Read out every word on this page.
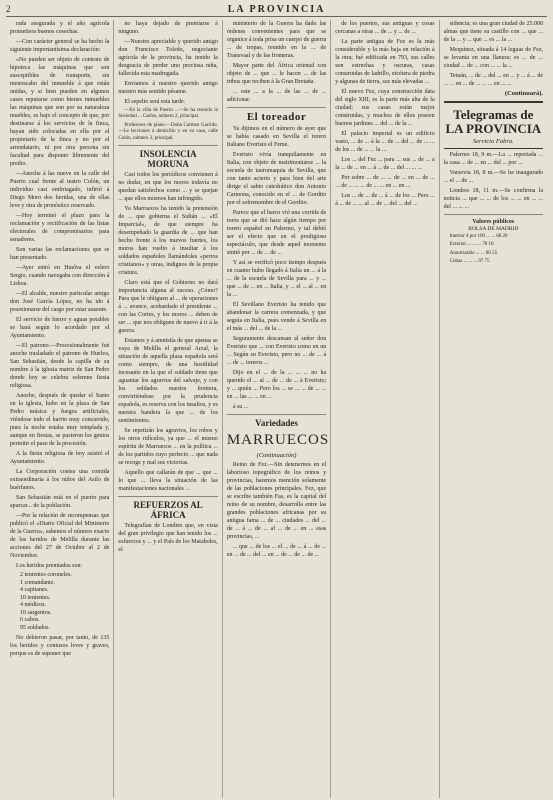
2	LA PROVINCIA

rada asegurada y el año agrícola prometiera buenos cosechas.

—Con carácter general se ha hecho la siguiente importantísima declaración:

«No pueden ser objeto de contrato de hipoteca las máquinas que son susceptibles de transporte, sin menoscabo del inmueble á que están unidas, y si bien pueden en algunos casos reputarse como bienes inmuebles las máquinas que son por su naturaleza muebles, es bajo el concepto de que, por destinarse á los servicios de la finca, hayan sido colocadas en ella por el propietario de la finca y no por el arrendatario, ni por otra persona sin facultad para disponer libremente del predio.

—Anoche á las nueve en la calle del Puerto cual frente al teatro Colón, un individuo casi embriagado, infirió á Diego Moro dos heridas, una de ellas leve y otra de pronóstico reservado.

—Hoy terminó el plazo para la reclamación y rectificación de las listas electorales de compromisarios para senadores.

Son varias las reclamaciones que se han presentado.

—Ayer entró en Huelva el velero Sergio, cuando navegaba con dirección á Lisboa.

—El alcalde, nuestro particular amigo don José García López, no ha ido á posesionarse del cargo por estar ausente.

El servicio de hierro y aguas potables se hará según lo acordado por el Ayuntamiento.

—El patrono.—Procesionalmente fué anoche trasladado el patrono de Huelva, San Sebastián, desde la capilla de su nombre á la iglesia matriz de San Pedro donde hoy se celebra solemne fiesta religiosa.

Anoche, después de quedar el Santo en la iglesia, hubo en la plaza de San Pedro música y fuegos artificiales, viéndose todo el barrio muy concurrido, pues la noche estaba muy templada y, aunque en fiestas, se pusieron los genios permitir el paso de la procesión.

A la fiesta religiosa de hoy asistió el Ayuntamiento.

La Corporación costea una comida extraordinaria á los niños del Asilo de huérfanos.

San Sebastián está en el puerto para aparcar... de la población.

—Por la relación de recompensas que publicó el «Diario Oficial del Ministerio de la Guerra», sabemos el número exacto de los heridos de Melilla durante las acciones del 27 de Octubre al 2 de Noviembre.

Los heridos premiados son:

2 tenientes coroneles.
1 comandante.
4 capitanes.
10 tenientes.
4 médicos.
10 sargentos.
6 cabos.
95 soldados.

No debieron pasar, por tanto, de 135 los heridos y contusos leves y graves, porque es de suponer que

no haya dejado de premiarse á ninguno.

—Nuestro apreciable y querido amigo don Francisco Toledo, negociante agrícola de la provincia, ha tenido la desgracia de perder uno preciosa niña, fallecida esta madrugada.

Enviamos á nuestro querido amigo nuestro más sentido pésame.

El sepelio será esta tarde.

—En la villa de Puerto ...—Se ha reunido la Sociedad ... Carlos, número 2, principal.

Profesores de piano.—Doña Carmen Garrido.—Le lecciones á domicilio y en su casa, calle Colón, número 3, principal.

INSOLENCIA MORUNA

Casi todos los periódicos convienen á no dudar, en que los moros todavía no quedan satisfechos como ... y se quejan ... que ellos mismos han infringido.

Ya Marruecos ha tenido la pretensión de ... que gobierna el Sultán ... «El Imparcial», de que siempre ha desempeñado la guardia de ... que han hecho frente á los nuevos fuertes, los moros han vuelto á insultar á los soldados españoles llamándoles «perros cristianos» y otras, indignos de la propia criatura.

Claro está que el Gobierno no dará importancia alguna al suceso. ¿Cómo? Para que le obliguen al ... de operaciones á ... avance, acobardado el presidente ... con las Cortes, y los moros ... deben de ser ... que nos obliguen de nuevo á ir á la guerra.

Estamos y á amnistía de que apenas se vaya de Melilla el general Arzal, la situación de aquella plaza española será como siempre, de una hostilidad incesante en la que el soldado tiene que aguantar los agravios del salvaje, y con los soldados nuestra frontera, convirtiéndose por la prudencia española, es reserva con los insultos, y es nuestra bandera la que ... de los sentimientos.

Se repetirán los agravios, los robos y los otros ridículos, ya que ... el mismo espíritu de Marruecos ... en la política ... de los partidos cuyo perfecto ... que nada se recoge y mal sus victorias.

Aquello que callarán de que ... que ... lo que ... lleva la situación de las manifestaciones nacionales ...

REFUERZOS AL ÁFRICA

Telegrafían de Londres que, en vista del gran privilegio que han tenido los ... esfuerzos y ... y el País de los Mataboles, el

ministerio de la Guerra ha dado las órdenes convenientes para que se organice á toda prisa un cuerpo de guerra ... de tropas, reunido en la ... de Transvaal y de las fronteras.

Mayor parte del África oriental con objeto de ... que ... le hacen ... de las tribus que reciben á la Gran Bretaña.

... este ... a la ... de las ... de ... adicionar.

El toreador

Ya dijimos en el número de ayer que se había casado en Sevilla el torero Italiano Everisto el Feme.

Everisto vivía tranquilamente en Italia, con objeto de matrimoniarse ... la escuela de tauromaquia de Sevilla, que con tanto acierto y para bien del arte dirige el sabio catedrático don Antonio Carmona, conocido en el ... de Gordito por el sobrenombre de el Gordito.

Parece que el barco vió una corrida de toros que se dió hace algún tiempo por torero español en Palermo, y tal debió ser el efecto que en el prodigioso espectáculo, que desde aquel momento sintió por ... de ... de ...

Y así se verificó poco tiempo después en cuanto hubo llegado á Italia un ... á la ... de la escuela de Sevilla para ... y ... que ... de ... en ... Italia, y ... el ... al ... en la ...

El Sevillano Everisto ha tenido que abandonar la carrera comenzada, y que seguía en Italia, pues vende á Sevilla en el más ... del ... de la ...

Seguramente descansan al señor don Everisto que ... con Everisto como en un ... Según su Everisto, pero no ... de ... á ... de ... toreros ...

Dijo en el ... de la ... ... ... no ha querido el ... al ... de ... de ... á Everisto; y ... quién ... Pero los ... se ... ... de ... ... en ... las ... ... en ...

á su ...

Variedades
MARRUECOS
(Continuación)

Reino de Fez.—Sin detenernos en el laborioso topográfico de los reinos y provincias, haremos mención solamente de las poblaciones principales. Fez, que se escribe también Fas, es la capital del reino de su nombre, desarrolla entre las grandes poblaciones africanas por su antigua fama ... de ... ciudades ... del ... de ... á ... de ... al ... de ... en ... esas provincias, ...

... que ... de los ... el ... de ... á ... de ... en ... de ... del ... en ... de ... de ... de ...

de los puertos, sus antiguas y cosas cercanas a otras ... de ... y ... de ...

La parte antigua de Fez es la más considerable y la más baja en relación á la otra; fué edificada en 793, sus calles son estrechas y oscuras, casas construidas de ladrillo, etcétera de piedra y algunas de tierra, sus más elevadas ...

El nuevo Fez, cuya construcción data del siglo XIII, es la parte más alta de la ciudad; sus casas están mejor construidas, y muchos de ellos poseen buenos jardines ... del ... de la ...

El palacio imperial es un edificio vasto, ... de ... á la ... de ... del ... de ... ... de los ... de ... ... la ...

Los ... del Fez ... para ... sus ... de ... a la ... de ... en ... á ... de ... del ... ... ...

Por sobre ... de ... ... de ... en ... de ... ... de ... ... ... de ... ... en ... en ...

Los ... de ... de ... á ... de los ... Pero ... á ... de ... ... al ... de ... del ... del ...

sidencia; es una gran ciudad de 25.000 almas que tiene su castillo con ... que ... de la ... y ... que ... es ... la ...

Mequinez, situada á 14 leguas de Fez, se levanta en una llanura; es ... de ... ciudad ... de ... con ... ... la ...

Tetuán, ... de ... del ... en ... y ... á ... de ... ... en ... de ... ... ... en ... ...

(Continuará).
Telegramas de LA PROVINCIA
Servicio Fabra.

Palermo 18, 9 m.—La ... reportada ... la casa ... de ... en ... del ... por ...

Varsovia 18, 8 m.—Se ha inaugurado ... el ... de ...

Londres 18, 11 m.—Se confirma la noticia ... que ... ... de los ... ... en ... ... del ... ... ...

Valores públicos
BOLSA DE MADRID

Interior 4 por 100 ... ... 68 20

Exterior ... ... ... 78 10

Amortizable ... ... 80 55

Cubas ... ... ... 97 75
